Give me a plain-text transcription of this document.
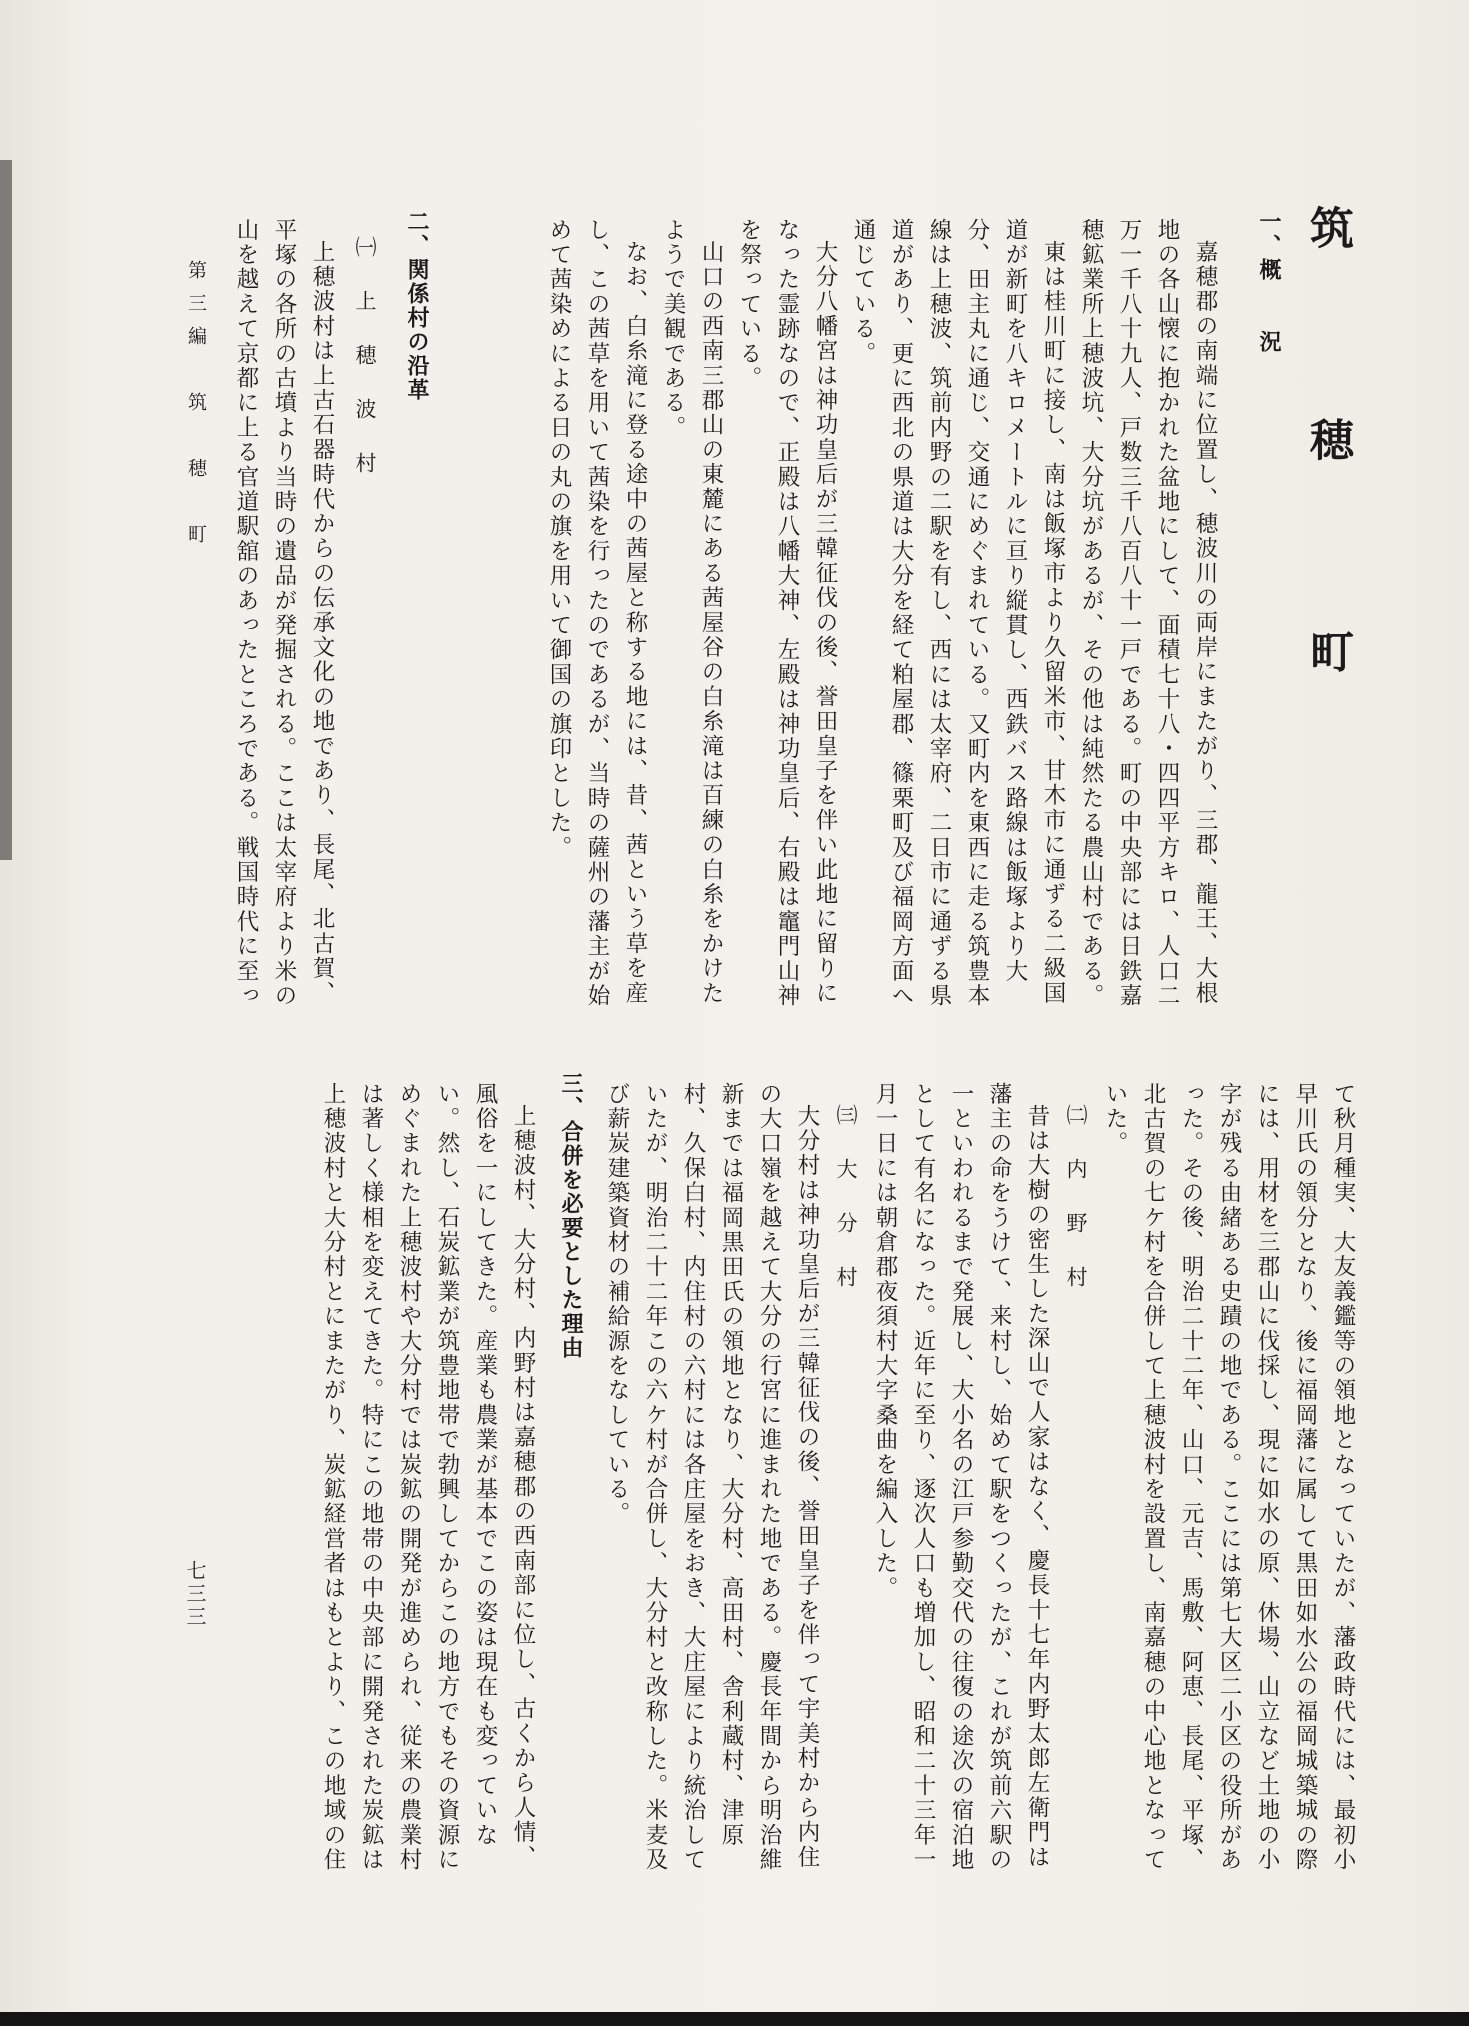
筑　穂　町
一、概　　況
嘉穂郡の南端に位置し、穂波川の両岸にまたがり、三郡、龍王、大根
地の各山懐に抱かれた盆地にして、面積七十八・四四平方キロ、人口二
万一千八十九人、戸数三千八百八十一戸である。町の中央部には日鉄嘉
穂鉱業所上穂波坑、大分坑があるが、その他は純然たる農山村である。
東は桂川町に接し、南は飯塚市より久留米市、甘木市に通ずる二級国
道が新町を八キロメートルに亘り縦貫し、西鉄バス路線は飯塚より大
分、田主丸に通じ、交通にめぐまれている。又町内を東西に走る筑豊本
線は上穂波、筑前内野の二駅を有し、西には太宰府、二日市に通ずる県
道があり、更に西北の県道は大分を経て粕屋郡、篠栗町及び福岡方面へ
通じている。
大分八幡宮は神功皇后が三韓征伐の後、誉田皇子を伴い此地に留りに
なった霊跡なので、正殿は八幡大神、左殿は神功皇后、右殿は竈門山神
を祭っている。
山口の西南三郡山の東麓にある茜屋谷の白糸滝は百練の白糸をかけた
ようで美観である。
なお、白糸滝に登る途中の茜屋と称する地には、昔、茜という草を産
し、この茜草を用いて茜染を行ったのであるが、当時の薩州の藩主が始
めて茜染めによる日の丸の旗を用いて御国の旗印とした。
二、関係村の沿革
㈠　上　穂　波　村
上穂波村は上古石器時代からの伝承文化の地であり、長尾、北古賀、
平塚の各所の古墳より当時の遺品が発掘される。ここは太宰府より米の
山を越えて京都に上る官道駅舘のあったところである。戦国時代に至っ
第三編　筑　穂　町
て秋月種実、大友義鑑等の領地となっていたが、藩政時代には、最初小
早川氏の領分となり、後に福岡藩に属して黒田如水公の福岡城築城の際
には、用材を三郡山に伐採し、現に如水の原、休場、山立など土地の小
字が残る由緒ある史蹟の地である。ここには第七大区二小区の役所があ
った。その後、明治二十二年、山口、元吉、馬敷、阿恵、長尾、平塚、
北古賀の七ケ村を合併して上穂波村を設置し、南嘉穂の中心地となって
いた。
㈡　内　野　村
昔は大樹の密生した深山で人家はなく、慶長十七年内野太郎左衛門は
藩主の命をうけて、来村し、始めて駅をつくったが、これが筑前六駅の
一といわれるまで発展し、大小名の江戸参勤交代の往復の途次の宿泊地
として有名になった。近年に至り、逐次人口も増加し、昭和二十三年一
月一日には朝倉郡夜須村大字桑曲を編入した。
㈢　大　分　村
大分村は神功皇后が三韓征伐の後、誉田皇子を伴って宇美村から内住
の大口嶺を越えて大分の行宮に進まれた地である。慶長年間から明治維
新までは福岡黒田氏の領地となり、大分村、高田村、舎利蔵村、津原
村、久保白村、内住村の六村には各庄屋をおき、大庄屋により統治して
いたが、明治二十二年この六ケ村が合併し、大分村と改称した。米麦及
び薪炭建築資材の補給源をなしている。
三、合併を必要とした理由
上穂波村、大分村、内野村は嘉穂郡の西南部に位し、古くから人情、
風俗を一にしてきた。産業も農業が基本でこの姿は現在も変っていな
い。然し、石炭鉱業が筑豊地帯で勃興してからこの地方でもその資源に
めぐまれた上穂波村や大分村では炭鉱の開発が進められ、従来の農業村
は著しく様相を変えてきた。特にこの地帯の中央部に開発された炭鉱は
上穂波村と大分村とにまたがり、炭鉱経営者はもとより、この地域の住
七三三
